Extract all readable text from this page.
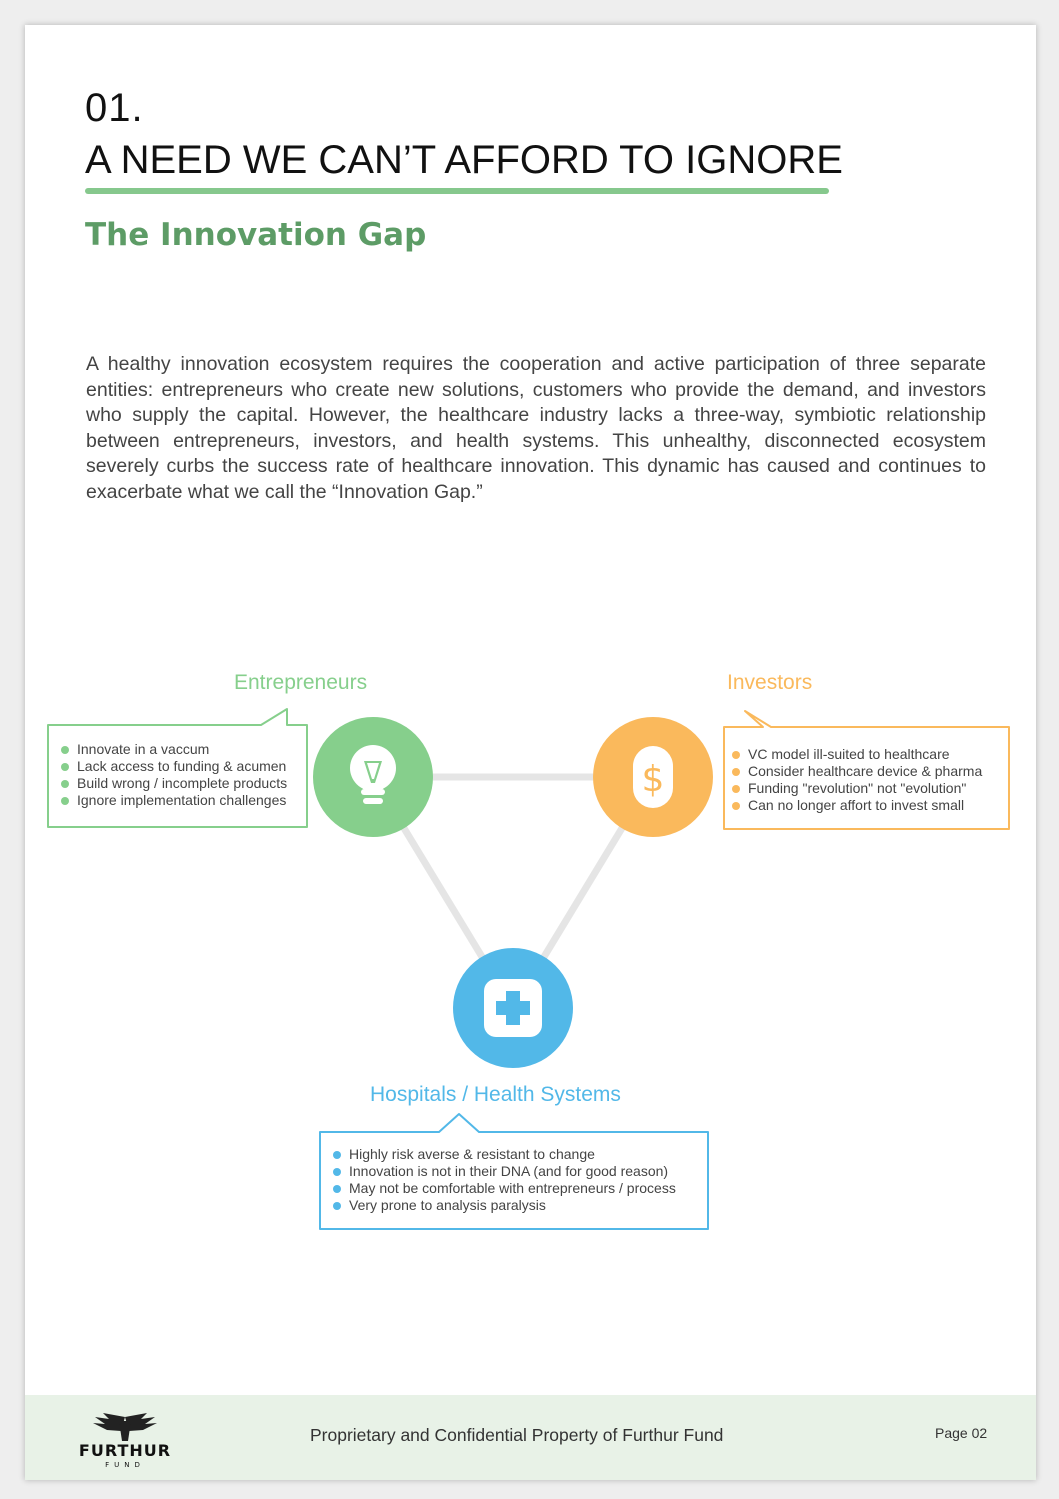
01.
A NEED WE CAN’T AFFORD TO IGNORE
The Innovation Gap

A healthy innovation ecosystem requires the cooperation and active participation of three separate entities: entrepreneurs who create new solutions, customers who provide the demand, and investors who supply the capital. However, the healthcare industry lacks a three-way, symbiotic relationship between entrepreneurs, investors, and health systems. This unhealthy, disconnected ecosystem severely curbs the success rate of healthcare innovation. This dynamic has caused and continues to exacerbate what we call the “Innovation Gap.”

$
Entrepreneurs	Investors
Hospitals / Health Systems
Innovate in a vaccum
Lack access to funding & acumen
Build wrong / incomplete products
Ignore implementation challenges
VC model ill-suited to healthcare
Consider healthcare device & pharma
Funding "revolution" not "evolution"
Can no longer affort to invest small
Highly risk averse & resistant to change
Innovation is not in their DNA (and for good reason)
May not be comfortable with entrepreneurs / process
Very prone to analysis paralysis
FURTHUR
FUND

Proprietary and Confidential Property of Furthur Fund	Page 02
